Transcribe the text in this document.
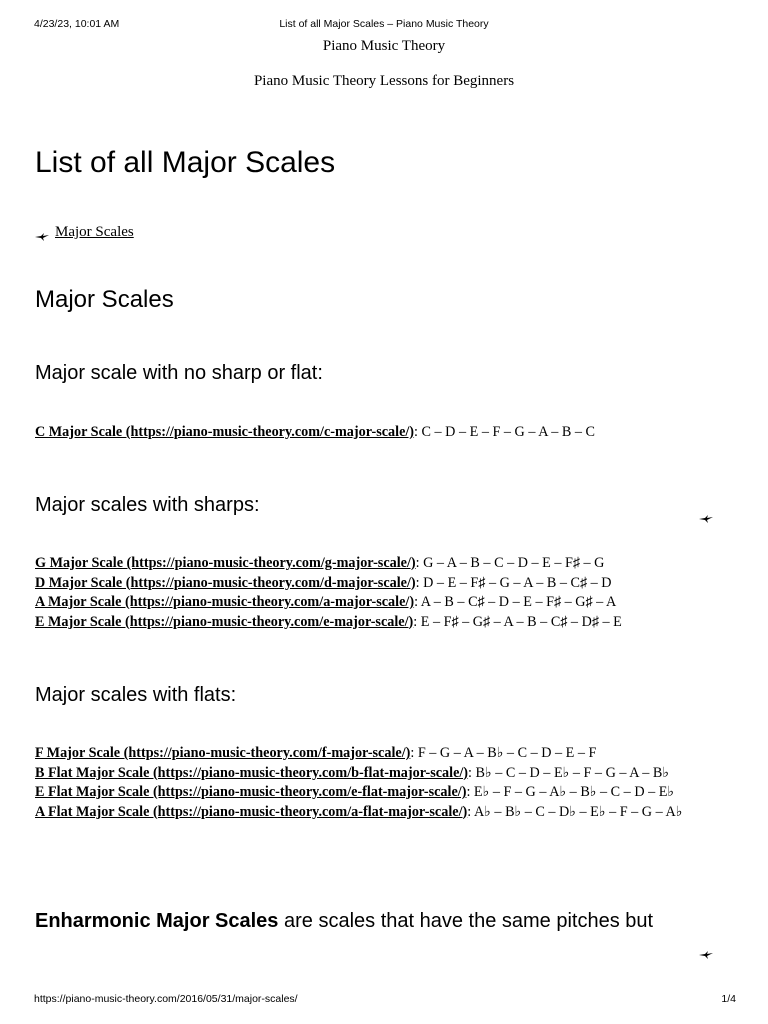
4/23/23, 10:01 AM	List of all Major Scales – Piano Music Theory
Piano Music Theory
Piano Music Theory Lessons for Beginners
List of all Major Scales
Major Scales
Major Scales
Major scale with no sharp or flat:
C Major Scale (https://piano-music-theory.com/c-major-scale/): C – D – E – F – G – A – B – C
Major scales with sharps:
G Major Scale (https://piano-music-theory.com/g-major-scale/): G – A – B – C – D – E – F♯ – G
D Major Scale (https://piano-music-theory.com/d-major-scale/): D – E – F♯ – G – A – B – C♯ – D
A Major Scale (https://piano-music-theory.com/a-major-scale/): A – B – C♯ – D – E – F♯ – G♯ – A
E Major Scale (https://piano-music-theory.com/e-major-scale/): E – F♯ – G♯ – A – B – C♯ – D♯ – E
Major scales with flats:
F Major Scale (https://piano-music-theory.com/f-major-scale/): F – G – A – B♭ – C – D – E – F
B Flat Major Scale (https://piano-music-theory.com/b-flat-major-scale/): B♭ – C – D – E♭ – F – G – A – B♭
E Flat Major Scale (https://piano-music-theory.com/e-flat-major-scale/): E♭ – F – G – A♭ – B♭ – C – D – E♭
A Flat Major Scale (https://piano-music-theory.com/a-flat-major-scale/): A♭ – B♭ – C – D♭ – E♭ – F – G – A♭
Enharmonic Major Scales are scales that have the same pitches but
https://piano-music-theory.com/2016/05/31/major-scales/	1/4
